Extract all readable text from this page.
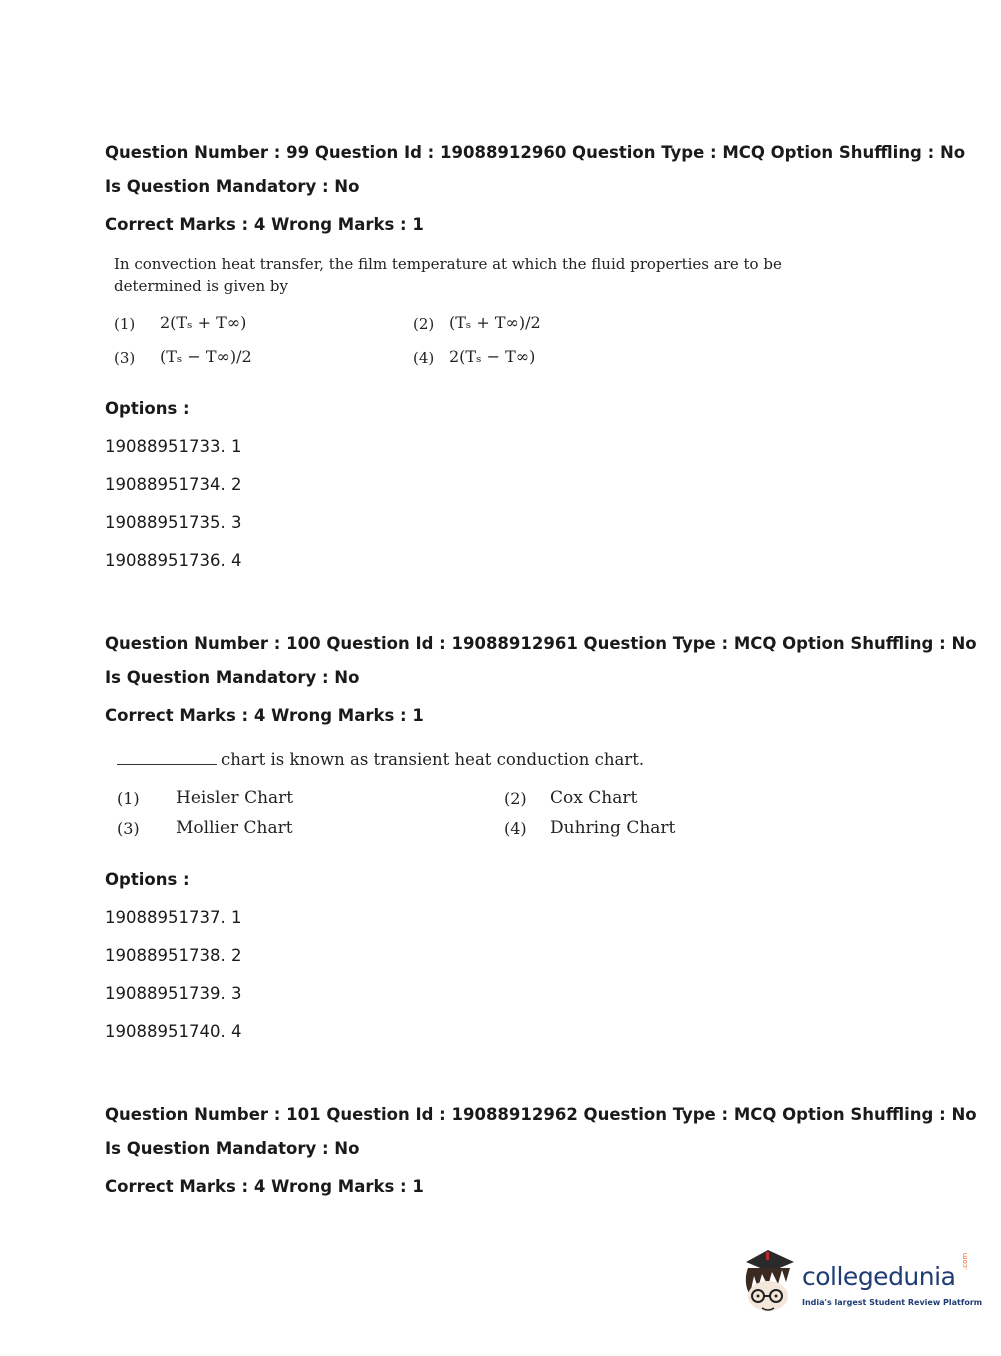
Question Number : 99 Question Id : 19088912960 Question Type : MCQ Option Shuffling : No
Is Question Mandatory : No
Correct Marks : 4 Wrong Marks : 1
In convection heat transfer, the film temperature at which the fluid properties are to be
determined is given by
(1) 2(Tₛ + T∞)	(2) (Tₛ + T∞)/2
(3) (Tₛ − T∞)/2	(4) 2(Tₛ − T∞)
Options :
19088951733. 1
19088951734. 2
19088951735. 3
19088951736. 4
Question Number : 100 Question Id : 19088912961 Question Type : MCQ Option Shuffling : No
Is Question Mandatory : No
Correct Marks : 4 Wrong Marks : 1
chart is known as transient heat conduction chart.
(1) Heisler Chart	(2) Cox Chart
(3) Mollier Chart	(4) Duhring Chart
Options :
19088951737. 1
19088951738. 2
19088951739. 3
19088951740. 4
Question Number : 101 Question Id : 19088912962 Question Type : MCQ Option Shuffling : No
Is Question Mandatory : No
Correct Marks : 4 Wrong Marks : 1
collegedunia
.com
India's largest Student Review Platform
